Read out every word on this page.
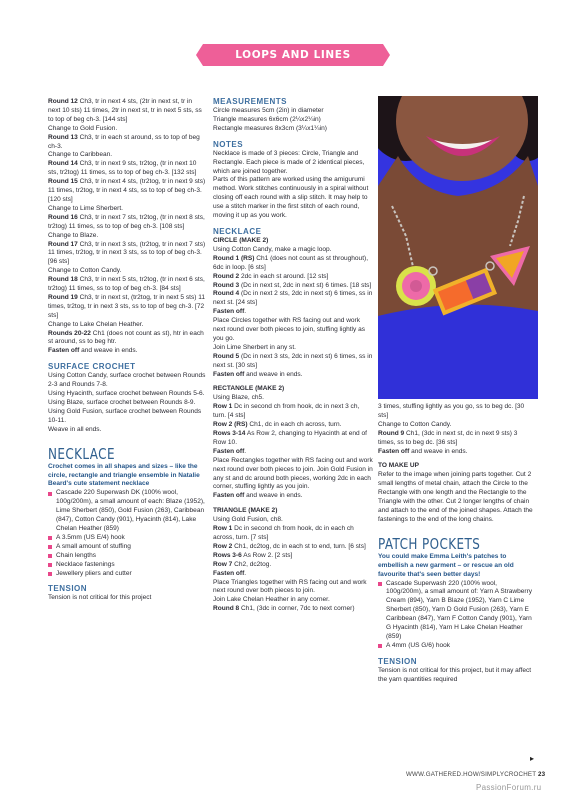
LOOPS AND LINES COLLECTION

Round 12 Ch3, tr in next 4 sts, (2tr in next st, tr in next 10 sts) 11 times, 2tr in next st, tr in next 5 sts, ss to top of beg ch-3. [144 sts]

Change to Gold Fusion.

Round 13 Ch3, tr in each st around, ss to top of beg ch-3.

Change to Caribbean.

Round 14 Ch3, tr in next 9 sts, tr2tog, (tr in next 10 sts, tr2tog) 11 times, ss to top of beg ch-3. [132 sts]

Round 15 Ch3, tr in next 4 sts, (tr2tog, tr in next 9 sts) 11 times, tr2tog, tr in next 4 sts, ss to top of beg ch-3. [120 sts]

Change to Lime Sherbert.

Round 16 Ch3, tr in next 7 sts, tr2tog, (tr in next 8 sts, tr2tog) 11 times, ss to top of beg ch-3. [108 sts]

Change to Blaze.

Round 17 Ch3, tr in next 3 sts, (tr2tog, tr in next 7 sts) 11 times, tr2tog, tr in next 3 sts, ss to top of beg ch-3. [96 sts]

Change to Cotton Candy.

Round 18 Ch3, tr in next 5 sts, tr2tog, (tr in next 6 sts, tr2tog) 11 times, ss to top of beg ch-3. [84 sts]

Round 19 Ch3, tr in next st, (tr2tog, tr in next 5 sts) 11 times, tr2tog, tr in next 3 sts, ss to top of beg ch-3. [72 sts]

Change to Lake Chelan Heather.

Rounds 20-22 Ch1 (does not count as st), htr in each st around, ss to beg htr.

Fasten off and weave in ends.

SURFACE CROCHET

Using Cotton Candy, surface crochet between Rounds 2-3 and Rounds 7-8.

Using Hyacinth, surface crochet between Rounds 5-6.

Using Blaze, surface crochet between Rounds 8-9.

Using Gold Fusion, surface crochet between Rounds 10-11.

Weave in all ends.

NECKLACE

Crochet comes in all shapes and sizes – like the circle, rectangle and triangle ensemble in Natalie Beard's cute statement necklace

Cascade 220 Superwash DK (100% wool, 100g/200m), a small amount of each: Blaze (1952), Lime Sherbert (850), Gold Fusion (263), Caribbean (847), Cotton Candy (901), Hyacinth (814), Lake Chelan Heather (859)
A 3.5mm (US E/4) hook
A small amount of stuffing
Chain lengths
Necklace fastenings
Jewellery pliers and cutter

TENSION

Tension is not critical for this project

MEASUREMENTS

Circle measures 5cm (2in) in diameter

Triangle measures 6x6cm (2¼x2¼in)

Rectangle measures 8x3cm (3¼x1¼in)

NOTES

Necklace is made of 3 pieces: Circle, Triangle and Rectangle. Each piece is made of 2 identical pieces, which are joined together.

Parts of this pattern are worked using the amigurumi method. Work stitches continuously in a spiral without closing off each round with a slip stitch. It may help to use a stitch marker in the first stitch of each round, moving it up as you work.

NECKLACE

CIRCLE (MAKE 2)

Using Cotton Candy, make a magic loop.

Round 1 (RS) Ch1 (does not count as st throughout), 6dc in loop. [6 sts]

Round 2 2dc in each st around. [12 sts]

Round 3 (Dc in next st, 2dc in next st) 6 times. [18 sts]

Round 4 (Dc in next 2 sts, 2dc in next st) 6 times, ss in next st. [24 sts]

Fasten off.

Place Circles together with RS facing out and work next round over both pieces to join, stuffing lightly as you go.

Join Lime Sherbert in any st.

Round 5 (Dc in next 3 sts, 2dc in next st) 6 times, ss in next st. [30 sts]

Fasten off and weave in ends.

RECTANGLE (MAKE 2)

Using Blaze, ch5.

Row 1 Dc in second ch from hook, dc in next 3 ch, turn. [4 sts]

Row 2 (RS) Ch1, dc in each ch across, turn.

Rows 3-14 As Row 2, changing to Hyacinth at end of Row 10.

Fasten off.

Place Rectangles together with RS facing out and work next round over both pieces to join. Join Gold Fusion in any st and dc around both pieces, working 2dc in each corner, stuffing lightly as you join.

Fasten off and weave in ends.

TRIANGLE (MAKE 2)

Using Gold Fusion, ch8.

Row 1 Dc in second ch from hook, dc in each ch across, turn. [7 sts]

Row 2 Ch1, dc2tog, dc in each st to end, turn. [6 sts]

Rows 3-6 As Row 2. [2 sts]

Row 7 Ch2, dc2tog.

Fasten off.

Place Triangles together with RS facing out and work next round over both pieces to join.

Join Lake Chelan Heather in any corner.

Round 8 Ch1, (3dc in corner, 7dc to next corner)

3 times, stuffing lightly as you go, ss to beg dc. [30 sts]

Change to Cotton Candy.

Round 9 Ch1, (3dc in next st, dc in next 9 sts) 3 times, ss to beg dc. [36 sts]

Fasten off and weave in ends.

TO MAKE UP

Refer to the image when joining parts together. Cut 2 small lengths of metal chain, attach the Circle to the Rectangle with one length and the Rectangle to the Triangle with the other. Cut 2 longer lengths of chain and attach to the end of the joined shapes. Attach the fastenings to the end of the long chains.

PATCH POCKETS

You could make Emma Leith's patches to embellish a new garment – or rescue an old favourite that's seen better days!

Cascade Superwash 220 (100% wool, 100g/200m), a small amount of: Yarn A Strawberry Cream (894), Yarn B Blaze (1952), Yarn C Lime Sherbert (850), Yarn D Gold Fusion (263), Yarn E Caribbean (847), Yarn F Cotton Candy (901), Yarn G Hyacinth (814), Yarn H Lake Chelan Heather (859)
A 4mm (US G/6) hook

TENSION

Tension is not critical for this project, but it may affect the yarn quantities required

▸
WWW.GATHERED.HOW/SIMPLYCROCHET 23
PassionForum.ru
